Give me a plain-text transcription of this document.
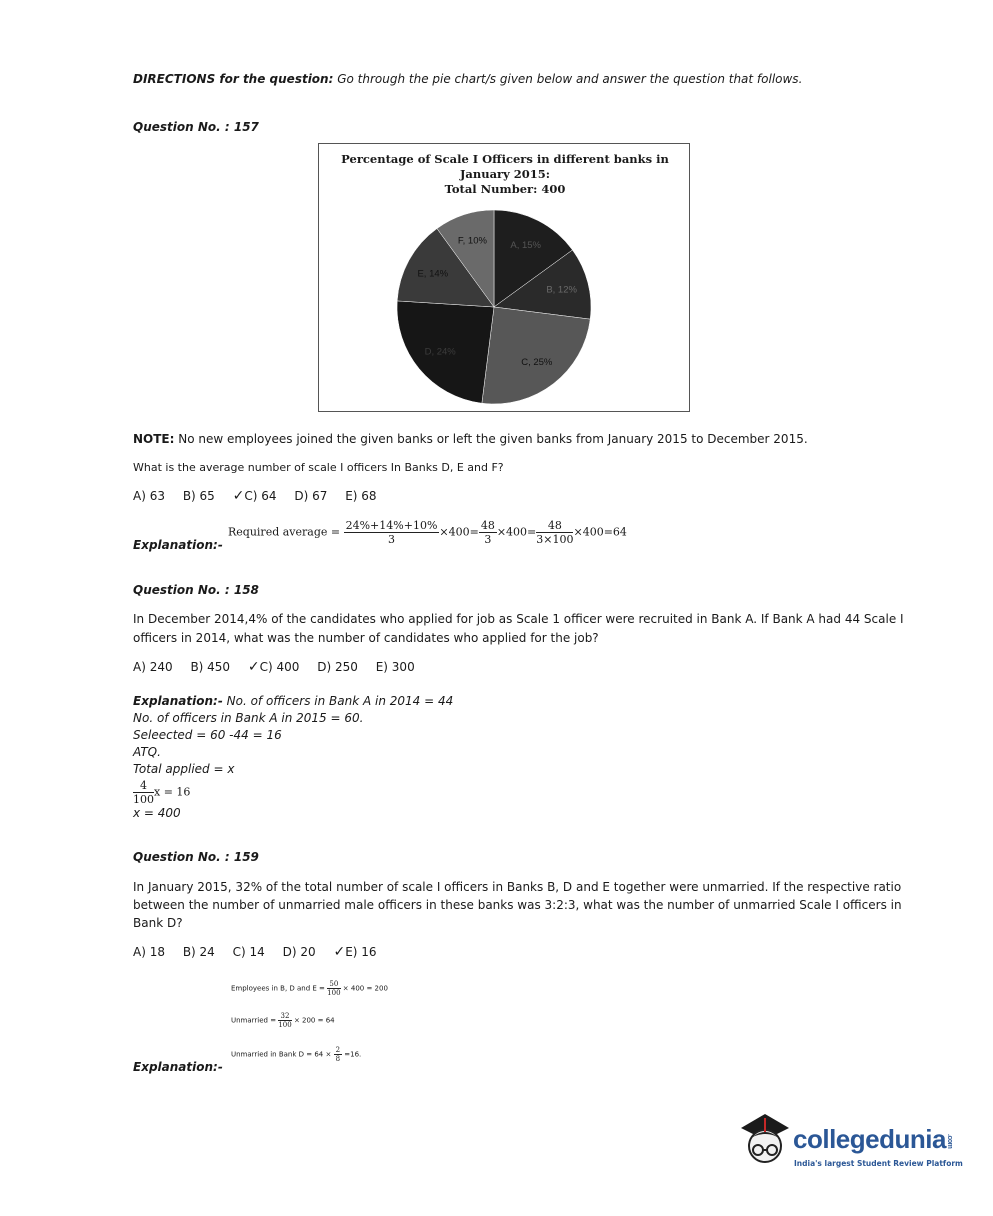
DIRECTIONS for the question: Go through the pie chart/s given below and answer the question that follows.
Question No. : 157
Percentage of Scale I Officers in different banks in
January 2015:
Total Number: 400
A, 15%
B, 12%
C, 25%
D, 24%
E, 14%
F, 10%
NOTE: No new employees joined the given banks or left the given banks from January 2015 to December 2015.
What is the average number of scale I officers In Banks D, E and F?
A) 63 B) 65 ✓C) 64 D) 67 E) 68
Explanation:-
Required average = $\frac{24\%+14\%+10\%}{3} \times 400= \frac{48}{3} \times 400= \frac{48}{3\times 100} \times 400=64$
Question No. : 158
In December 2014,4% of the candidates who applied for job as Scale 1 officer were recruited in Bank A. If Bank A had 44 Scale I
officers in 2014, what was the number of candidates who applied for the job?
A) 240 B) 450 ✓C) 400 D) 250 E) 300
Explanation:- No. of officers in Bank A in 2014 = 44
No. of officers in Bank A in 2015 = 60.
Seleected = 60 -44 = 16
ATQ.
Total applied = x
$\frac{4}{100}$ x = 16
x = 400
Question No. : 159
In January 2015, 32% of the total number of scale I officers in Banks B, D and E together were unmarried. If the respective ratio
between the number of unmarried male officers in these banks was 3:2:3, what was the number of unmarried Scale I officers in
Bank D?
A) 18 B) 24 C) 14 D) 20 ✓E) 16
Employees in B, D and $E = \frac{50}{100} \times 400 = 200$
Unmarried = $\frac{32}{100} \times 200 = 64$
Unmarried in Bank $D = 64 \times \frac{2}{8} =16$.
Explanation:-
collegedunia.com
India's largest Student Review Platform
